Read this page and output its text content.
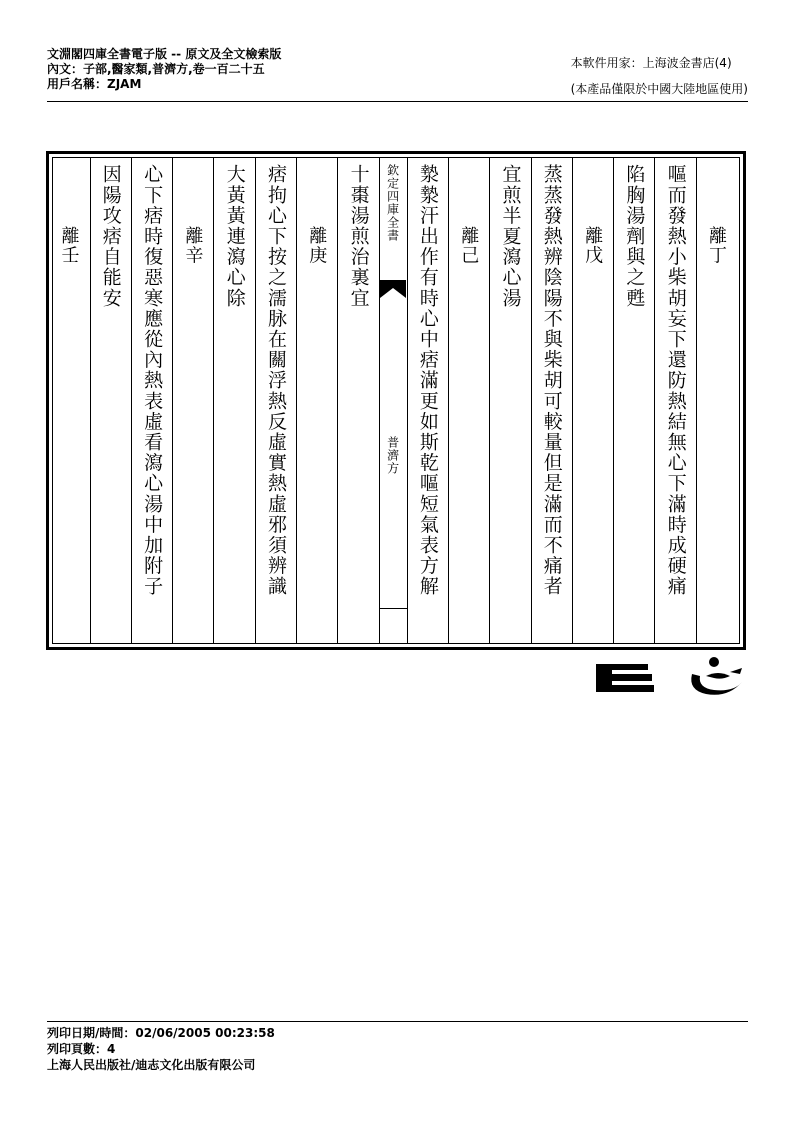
文淵閣四庫全書電子版 -- 原文及全文檢索版
內文：子部,醫家類,普濟方,卷一百二十五
用戶名稱：ZJAM
本軟件用家：上海波金書店(4)
(本產品僅限於中國大陸地區使用)
離丁
嘔而發熱小柴胡妄下還防熱結無心下滿時成硬痛
陷胸湯劑與之甦
離戊
蒸蒸發熱辨陰陽不與柴胡可較量但是滿而不痛者
宜煎半夏瀉心湯
離己
漐漐汗出作有時心中痞滿更如斯乾嘔短氣表方解
欽定四庫全書
普濟方
十棗湯煎治裏宜
離庚
痞拘心下按之濡脉在關浮熱反虛實熱虛邪須辨識
大黃黃連瀉心除
離辛
心下痞時復惡寒應從內熱表虛看瀉心湯中加附子
因陽攻痞自能安
離壬
列印日期/時間：02/06/2005 00:23:58
列印頁數：4
上海人民出版社/迪志文化出版有限公司
